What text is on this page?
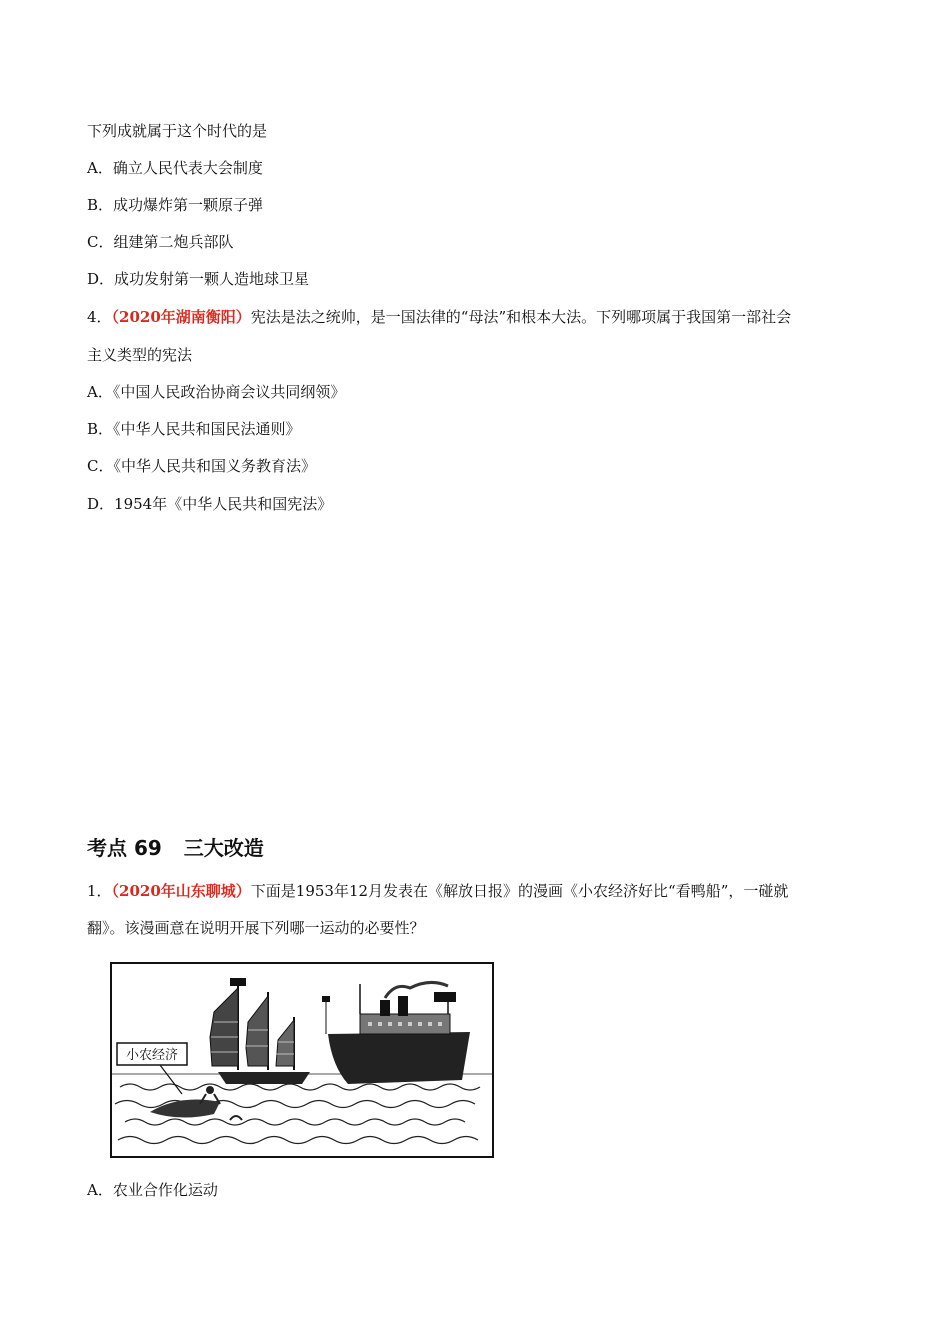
下列成就属于这个时代的是
A．确立人民代表大会制度
B．成功爆炸第一颗原子弹
C．组建第二炮兵部队
D．成功发射第一颗人造地球卫星
4．（2020年湖南衡阳）宪法是法之统帅，是一国法律的“母法”和根本大法。下列哪项属于我国第一部社会
主义类型的宪法
A．《中国人民政治协商会议共同纲领》
B．《中华人民共和国民法通则》
C．《中华人民共和国义务教育法》
D．1954年《中华人民共和国宪法》
考点 69 三大改造
1．（2020年山东聊城）下面是1953年12月发表在《解放日报》的漫画《小农经济好比“看鸭船”，一碰就
翻》。该漫画意在说明开展下列哪一运动的必要性？
小农经济
A．农业合作化运动
